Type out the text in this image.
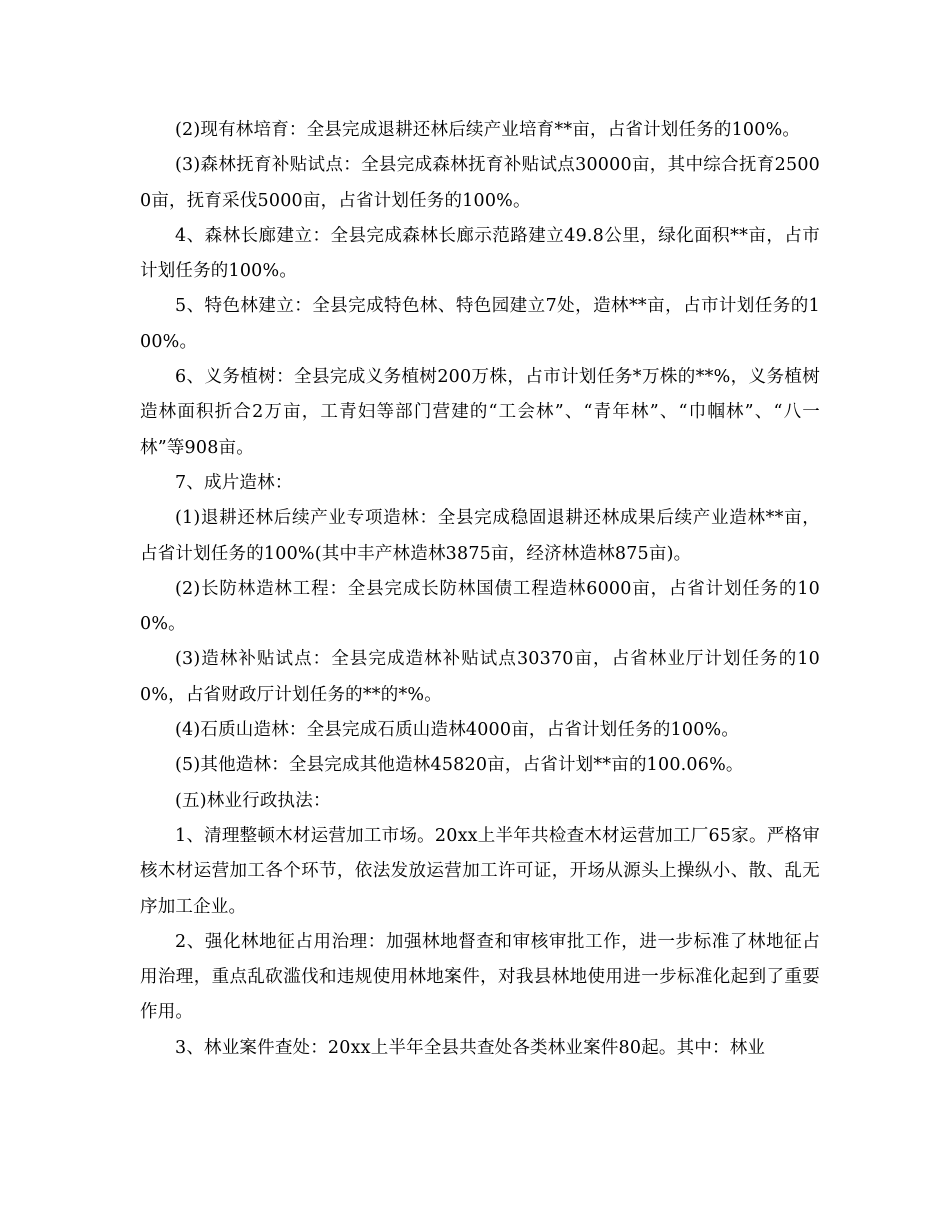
(2)现有林培育：全县完成退耕还林后续产业培育**亩，占省计划任务的100%。

(3)森林抚育补贴试点：全县完成森林抚育补贴试点30000亩，其中综合抚育25000亩，抚育采伐5000亩，占省计划任务的100%。

4、森林长廊建立：全县完成森林长廊示范路建立49.8公里，绿化面积**亩，占市计划任务的100%。

5、特色林建立：全县完成特色林、特色园建立7处，造林**亩，占市计划任务的100%。

6、义务植树：全县完成义务植树200万株，占市计划任务*万株的**%，义务植树造林面积折合2万亩，工青妇等部门营建的“工会林”、“青年林”、“巾帼林”、“八一林”等908亩。

7、成片造林：

(1)退耕还林后续产业专项造林：全县完成稳固退耕还林成果后续产业造林**亩，占省计划任务的100%(其中丰产林造林3875亩，经济林造林875亩)。

(2)长防林造林工程：全县完成长防林国债工程造林6000亩，占省计划任务的100%。

(3)造林补贴试点：全县完成造林补贴试点30370亩，占省林业厅计划任务的100%，占省财政厅计划任务的**的*%。

(4)石质山造林：全县完成石质山造林4000亩，占省计划任务的100%。

(5)其他造林：全县完成其他造林45820亩，占省计划**亩的100.06%。

(五)林业行政执法：

1、清理整顿木材运营加工市场。20xx上半年共检查木材运营加工厂65家。严格审核木材运营加工各个环节，依法发放运营加工许可证，开场从源头上操纵小、散、乱无序加工企业。

2、强化林地征占用治理：加强林地督查和审核审批工作，进一步标准了林地征占用治理，重点乱砍滥伐和违规使用林地案件，对我县林地使用进一步标准化起到了重要作用。

3、林业案件查处：20xx上半年全县共查处各类林业案件80起。其中：林业
